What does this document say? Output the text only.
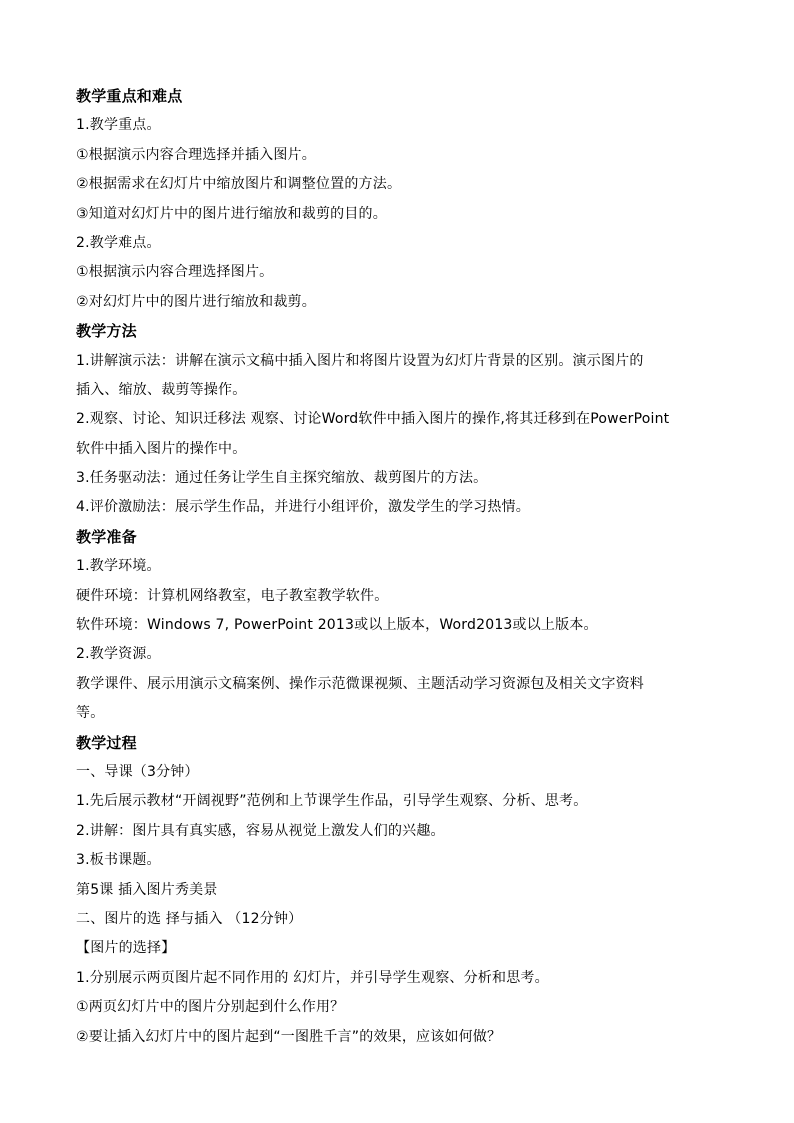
教学重点和难点
1.教学重点。
①根据演示内容合理选择并插入图片。
②根据需求在幻灯片中缩放图片和调整位置的方法。
③知道对幻灯片中的图片进行缩放和裁剪的目的。
2.教学难点。
①根据演示内容合理选择图片。
②对幻灯片中的图片进行缩放和裁剪。
教学方法
1.讲解演示法：讲解在演示文稿中插入图片和将图片设置为幻灯片背景的区别。演示图片的
插入、缩放、裁剪等操作。
2.观察、讨论、知识迁移法 观察、讨论Word软件中插入图片的操作,将其迁移到在PowerPoint
软件中插入图片的操作中。
3.任务驱动法：通过任务让学生自主探究缩放、裁剪图片的方法。
4.评价激励法：展示学生作品，并进行小组评价，激发学生的学习热情。
教学准备
1.教学环境。
硬件环境：计算机网络教室，电子教室教学软件。
软件环境：Windows 7, PowerPoint 2013或以上版本，Word2013或以上版本。
2.教学资源。
教学课件、展示用演示文稿案例、操作示范微课视频、主题活动学习资源包及相关文字资料
等。
教学过程
一、导课（3分钟）
1.先后展示教材“开阔视野”范例和上节课学生作品，引导学生观察、分析、思考。
2.讲解：图片具有真实感，容易从视觉上激发人们的兴趣。
3.板书课题。
第5课 插入图片秀美景
二、图片的选 择与插入 （12分钟）
【图片的选择】
1.分别展示两页图片起不同作用的 幻灯片，并引导学生观察、分析和思考。
①两页幻灯片中的图片分别起到什么作用？
②要让插入幻灯片中的图片起到“一图胜千言”的效果，应该如何做？
